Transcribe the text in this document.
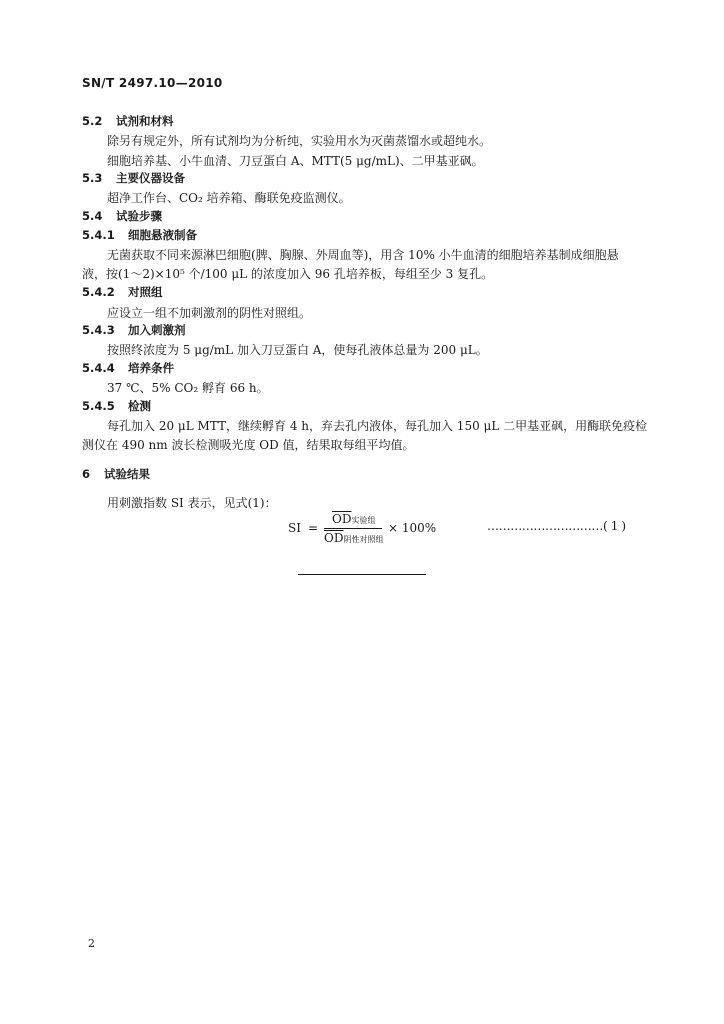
SN/T 2497.10—2010
5.2 试剂和材料
除另有规定外，所有试剂均为分析纯，实验用水为灭菌蒸馏水或超纯水。
细胞培养基、小牛血清、刀豆蛋白 A、MTT(5 μg/mL)、二甲基亚砜。
5.3 主要仪器设备
超净工作台、CO₂ 培养箱、酶联免疫监测仪。
5.4 试验步骤
5.4.1 细胞悬液制备
无菌获取不同来源淋巴细胞(脾、胸腺、外周血等)，用含 10% 小牛血清的细胞培养基制成细胞悬
液，按(1～2)×10⁵ 个/100 μL 的浓度加入 96 孔培养板，每组至少 3 复孔。
5.4.2 对照组
应设立一组不加刺激剂的阴性对照组。
5.4.3 加入刺激剂
按照终浓度为 5 μg/mL 加入刀豆蛋白 A，使每孔液体总量为 200 μL。
5.4.4 培养条件
37 ℃、5% CO₂ 孵育 66 h。
5.4.5 检测
每孔加入 20 μL MTT，继续孵育 4 h，弃去孔内液体，每孔加入 150 μL 二甲基亚砜，用酶联免疫检
测仪在 490 nm 波长检测吸光度 OD 值，结果取每组平均值。
6 试验结果
用刺激指数 SI 表示，见式(1)：
SI =
$\overline{OD}$实验组
$\overline{OD}$阴性对照组
× 100%	…………………………( 1 )
2
